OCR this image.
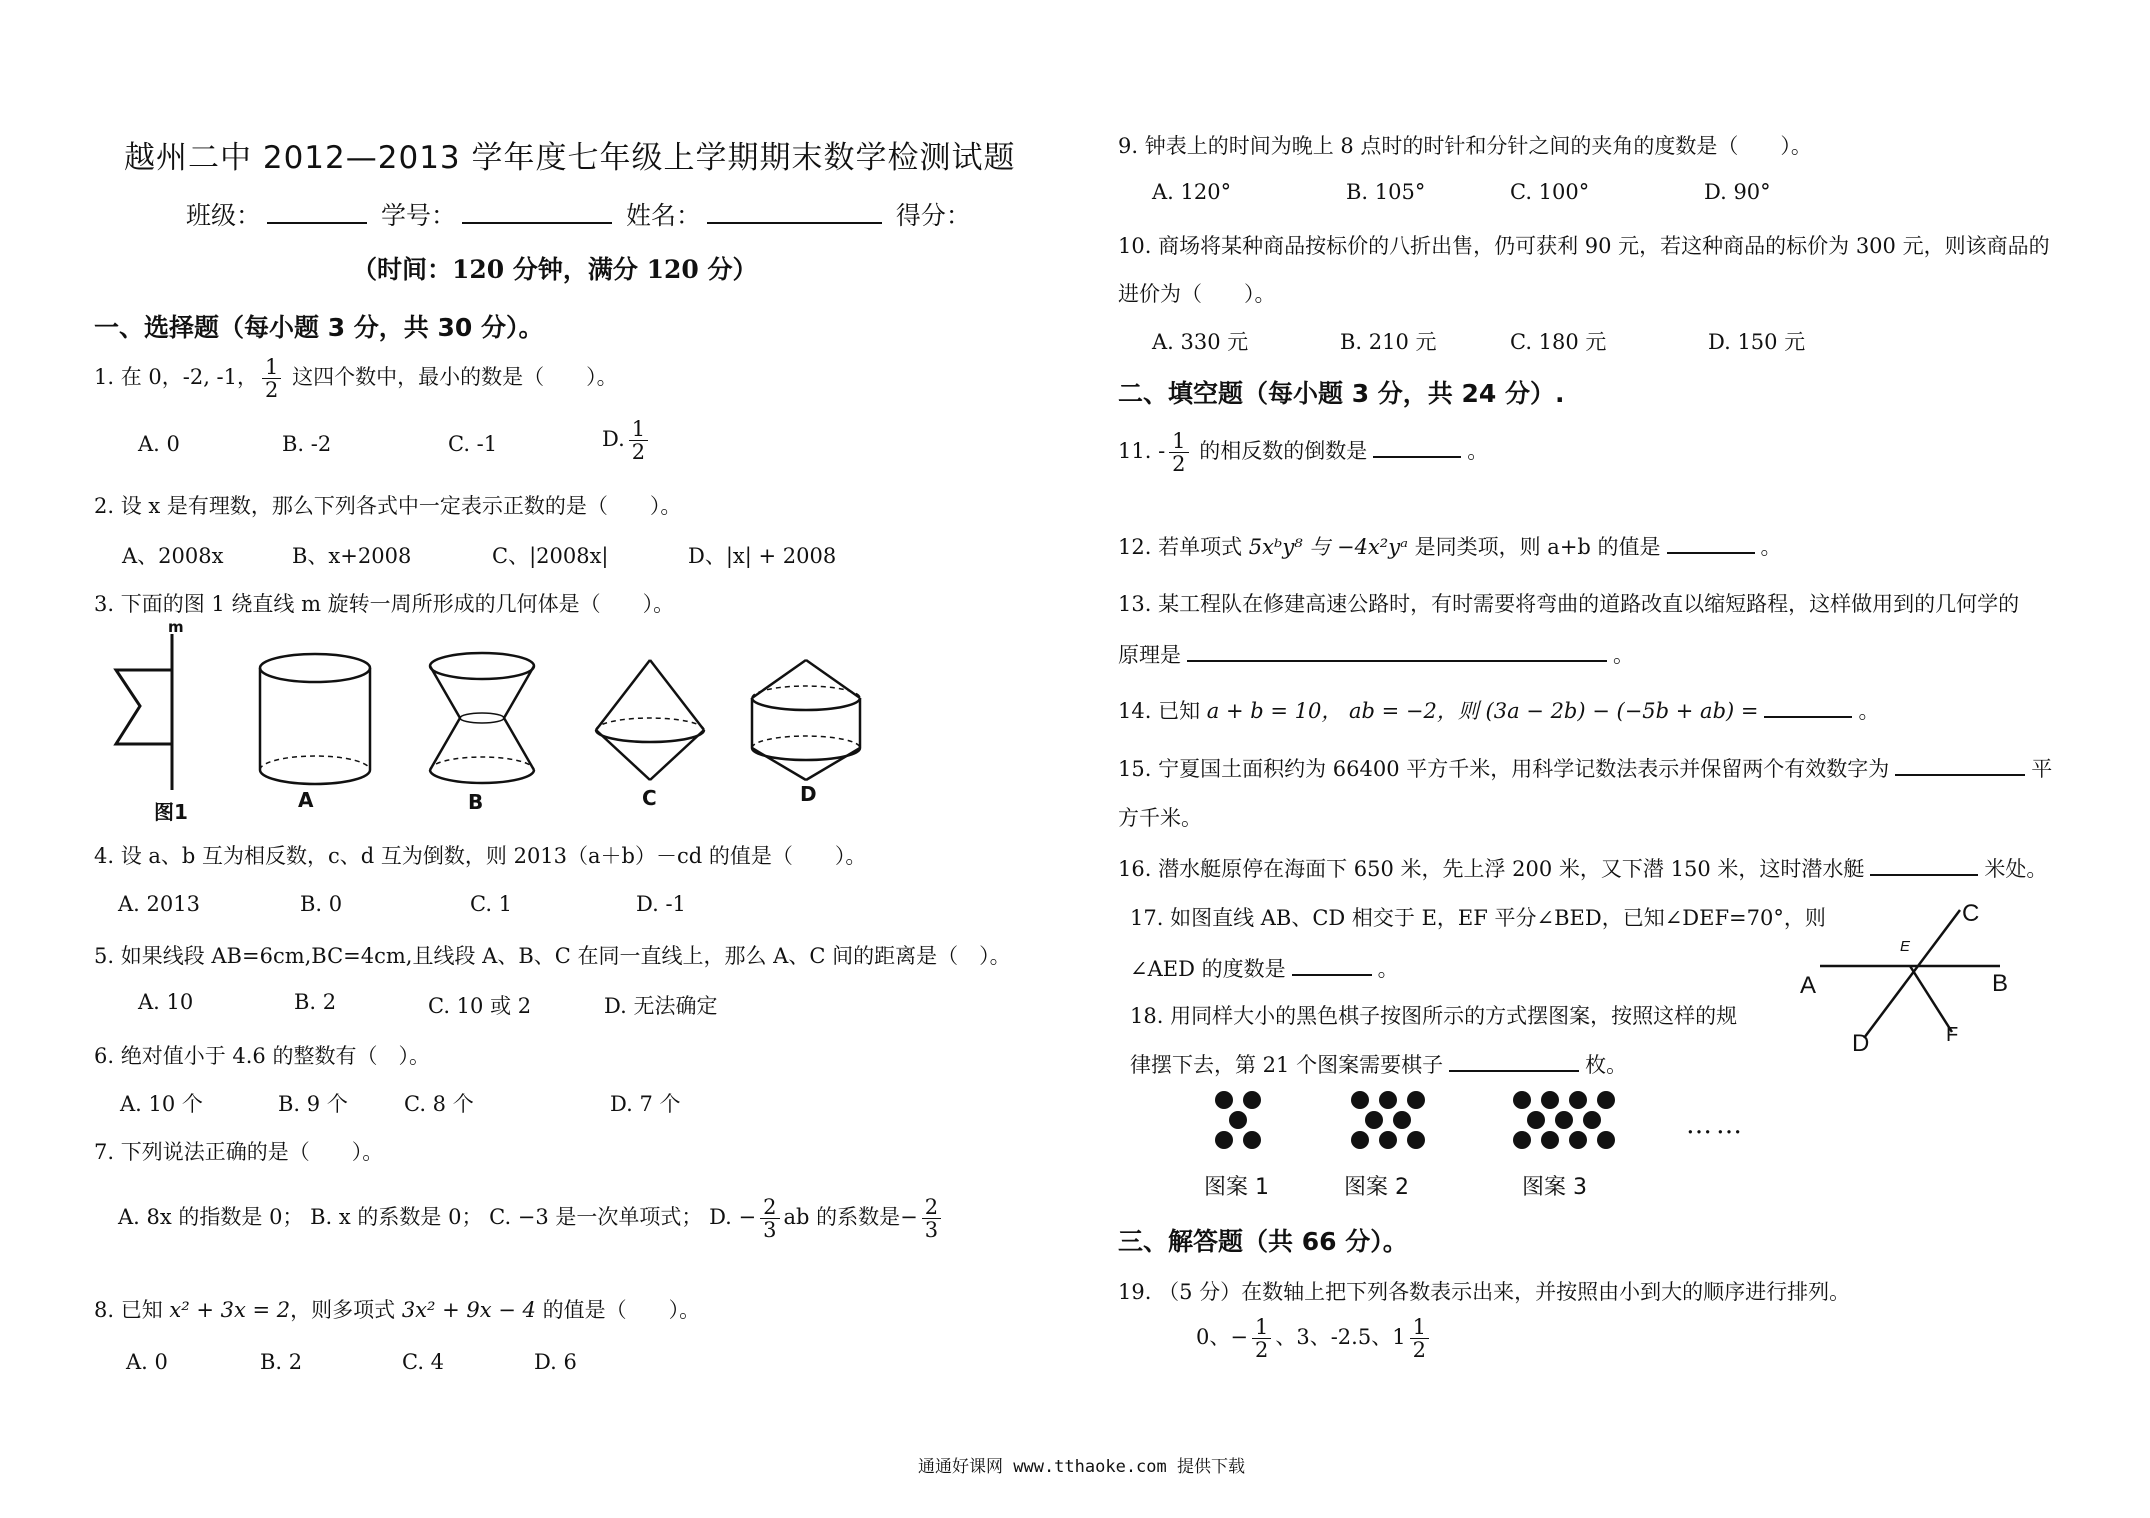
越州二中 2012—2013 学年度七年级上学期期末数学检测试题
班级：	学号：	姓名：	得分：
（时间：120 分钟，满分 120 分）
一、选择题（每小题 3 分，共 30 分）。
1. 在 0，-2, -1， $\frac{1}{2}$ 这四个数中，最小的数是（　　）。
A. 0	B. -2	C. -1	D. $\frac{1}{2}$
2. 设 x 是有理数，那么下列各式中一定表示正数的是（　　）。
A、2008x	B、x+2008	C、|2008x|	D、|x| + 2008
3. 下面的图 1 绕直线 m 旋转一周所形成的几何体是（　　）。
m
图1	A	B	C	D
4. 设 a、b 互为相反数，c、d 互为倒数，则 2013（a＋b）－cd 的值是（　　）。
A. 2013	B. 0	C. 1	D. -1
5. 如果线段 AB=6cm,BC=4cm,且线段 A、B、C 在同一直线上，那么 A、C 间的距离是（　）。
A. 10	B. 2	C. 10 或 2	D. 无法确定
6. 绝对值小于 4.6 的整数有（　）。
A. 10 个	B. 9 个	C. 8 个	D. 7 个
7. 下列说法正确的是（　　）。
A. 8x 的指数是 0； B. x 的系数是 0； C. −3 是一次单项式； D. − $\frac{2}{3}$ ab 的系数是− $\frac{2}{3}$
8. 已知 x² + 3x = 2，则多项式 3x² + 9x − 4 的值是（　　）。
A. 0	B. 2	C. 4	D. 6
9. 钟表上的时间为晚上 8 点时的时针和分针之间的夹角的度数是（　　）。
A. 120°	B. 105°	C. 100°	D. 90°
10. 商场将某种商品按标价的八折出售，仍可获利 90 元，若这种商品的标价为 300 元，则该商品的
进价为（　　）。
A. 330 元	B. 210 元	C. 180 元	D. 150 元
二、填空题（每小题 3 分，共 24 分）.
11. - $\frac{1}{2}$ 的相反数的倒数是	。
12. 若单项式 5xᵇy⁸ 与 −4x²yᵃ 是同类项，则 a+b 的值是	。
13. 某工程队在修建高速公路时，有时需要将弯曲的道路改直以缩短路程，这样做用到的几何学的
原理是	。
14. 已知 a + b = 10， ab = −2，则 (3a − 2b) − (−5b + ab) =	。
15. 宁夏国土面积约为 66400 平方千米，用科学记数法表示并保留两个有效数字为	平
方千米。
16. 潜水艇原停在海面下 650 米，先上浮 200 米，又下潜 150 米，这时潜水艇	米处。
17. 如图直线 AB、CD 相交于 E，EF 平分∠BED，已知∠DEF=70°，则
∠AED 的度数是	。
C
E
A	B
D	F
18. 用同样大小的黑色棋子按图所示的方式摆图案，按照这样的规
律摆下去，第 21 个图案需要棋子	枚。
……
图案 1	图案 2	图案 3
三、解答题（共 66 分）。
19. （5 分）在数轴上把下列各数表示出来，并按照由小到大的顺序进行排列。
0、− $\frac{1}{2}$ 、3、-2.5、$1 \frac{1}{2}$
通通好课网 www.tthaoke.com 提供下载
